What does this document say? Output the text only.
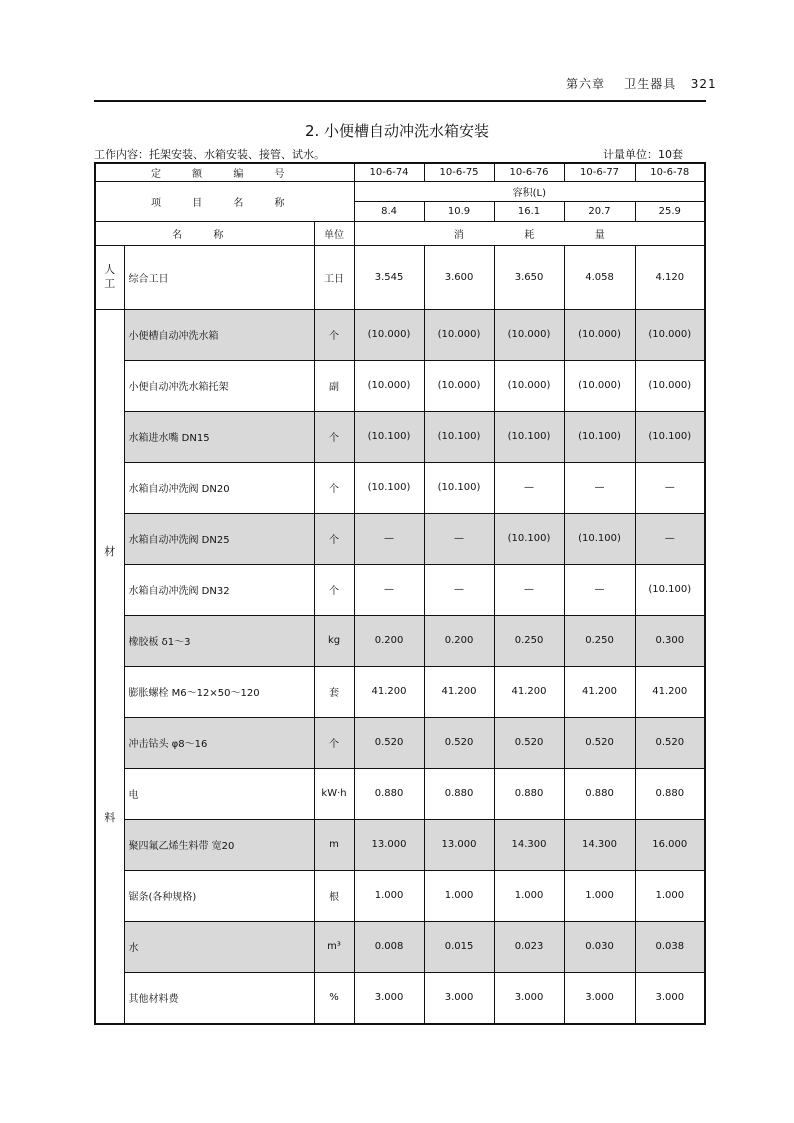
第六章 卫生器具 321
2. 小便槽自动冲洗水箱安装
工作内容：托架安装、水箱安装、接管、试水。	计量单位：10套
定 额 编 号			10-6-74	10-6-75	10-6-76	10-6-77	10-6-78
项 目 名 称			容积(L)				
			8.4	10.9	16.1	20.7	25.9
名 称		单位	消 耗 量				
人
工	综合工日	工日	3.545	3.600	3.650	4.058	4.120

材
料	小便槽自动冲洗水箱	个	(10.000)	(10.000)	(10.000)	(10.000)	(10.000)
	小便自动冲洗水箱托架	副	(10.000)	(10.000)	(10.000)	(10.000)	(10.000)
	水箱进水嘴 DN15	个	(10.100)	(10.100)	(10.100)	(10.100)	(10.100)
	水箱自动冲洗阀 DN20	个	(10.100)	(10.100)	—	—	—
	水箱自动冲洗阀 DN25	个	—	—	(10.100)	(10.100)	—
	水箱自动冲洗阀 DN32	个	—	—	—	—	(10.100)
	橡胶板 δ1～3	kg	0.200	0.200	0.250	0.250	0.300
	膨胀螺栓 M6～12×50～120	套	41.200	41.200	41.200	41.200	41.200
	冲击钻头 φ8～16	个	0.520	0.520	0.520	0.520	0.520
	电	kW·h	0.880	0.880	0.880	0.880	0.880
	聚四氟乙烯生料带 宽20	m	13.000	13.000	14.300	14.300	16.000
	锯条(各种规格)	根	1.000	1.000	1.000	1.000	1.000
	水	m³	0.008	0.015	0.023	0.030	0.038
	其他材料费	%	3.000	3.000	3.000	3.000	3.000
